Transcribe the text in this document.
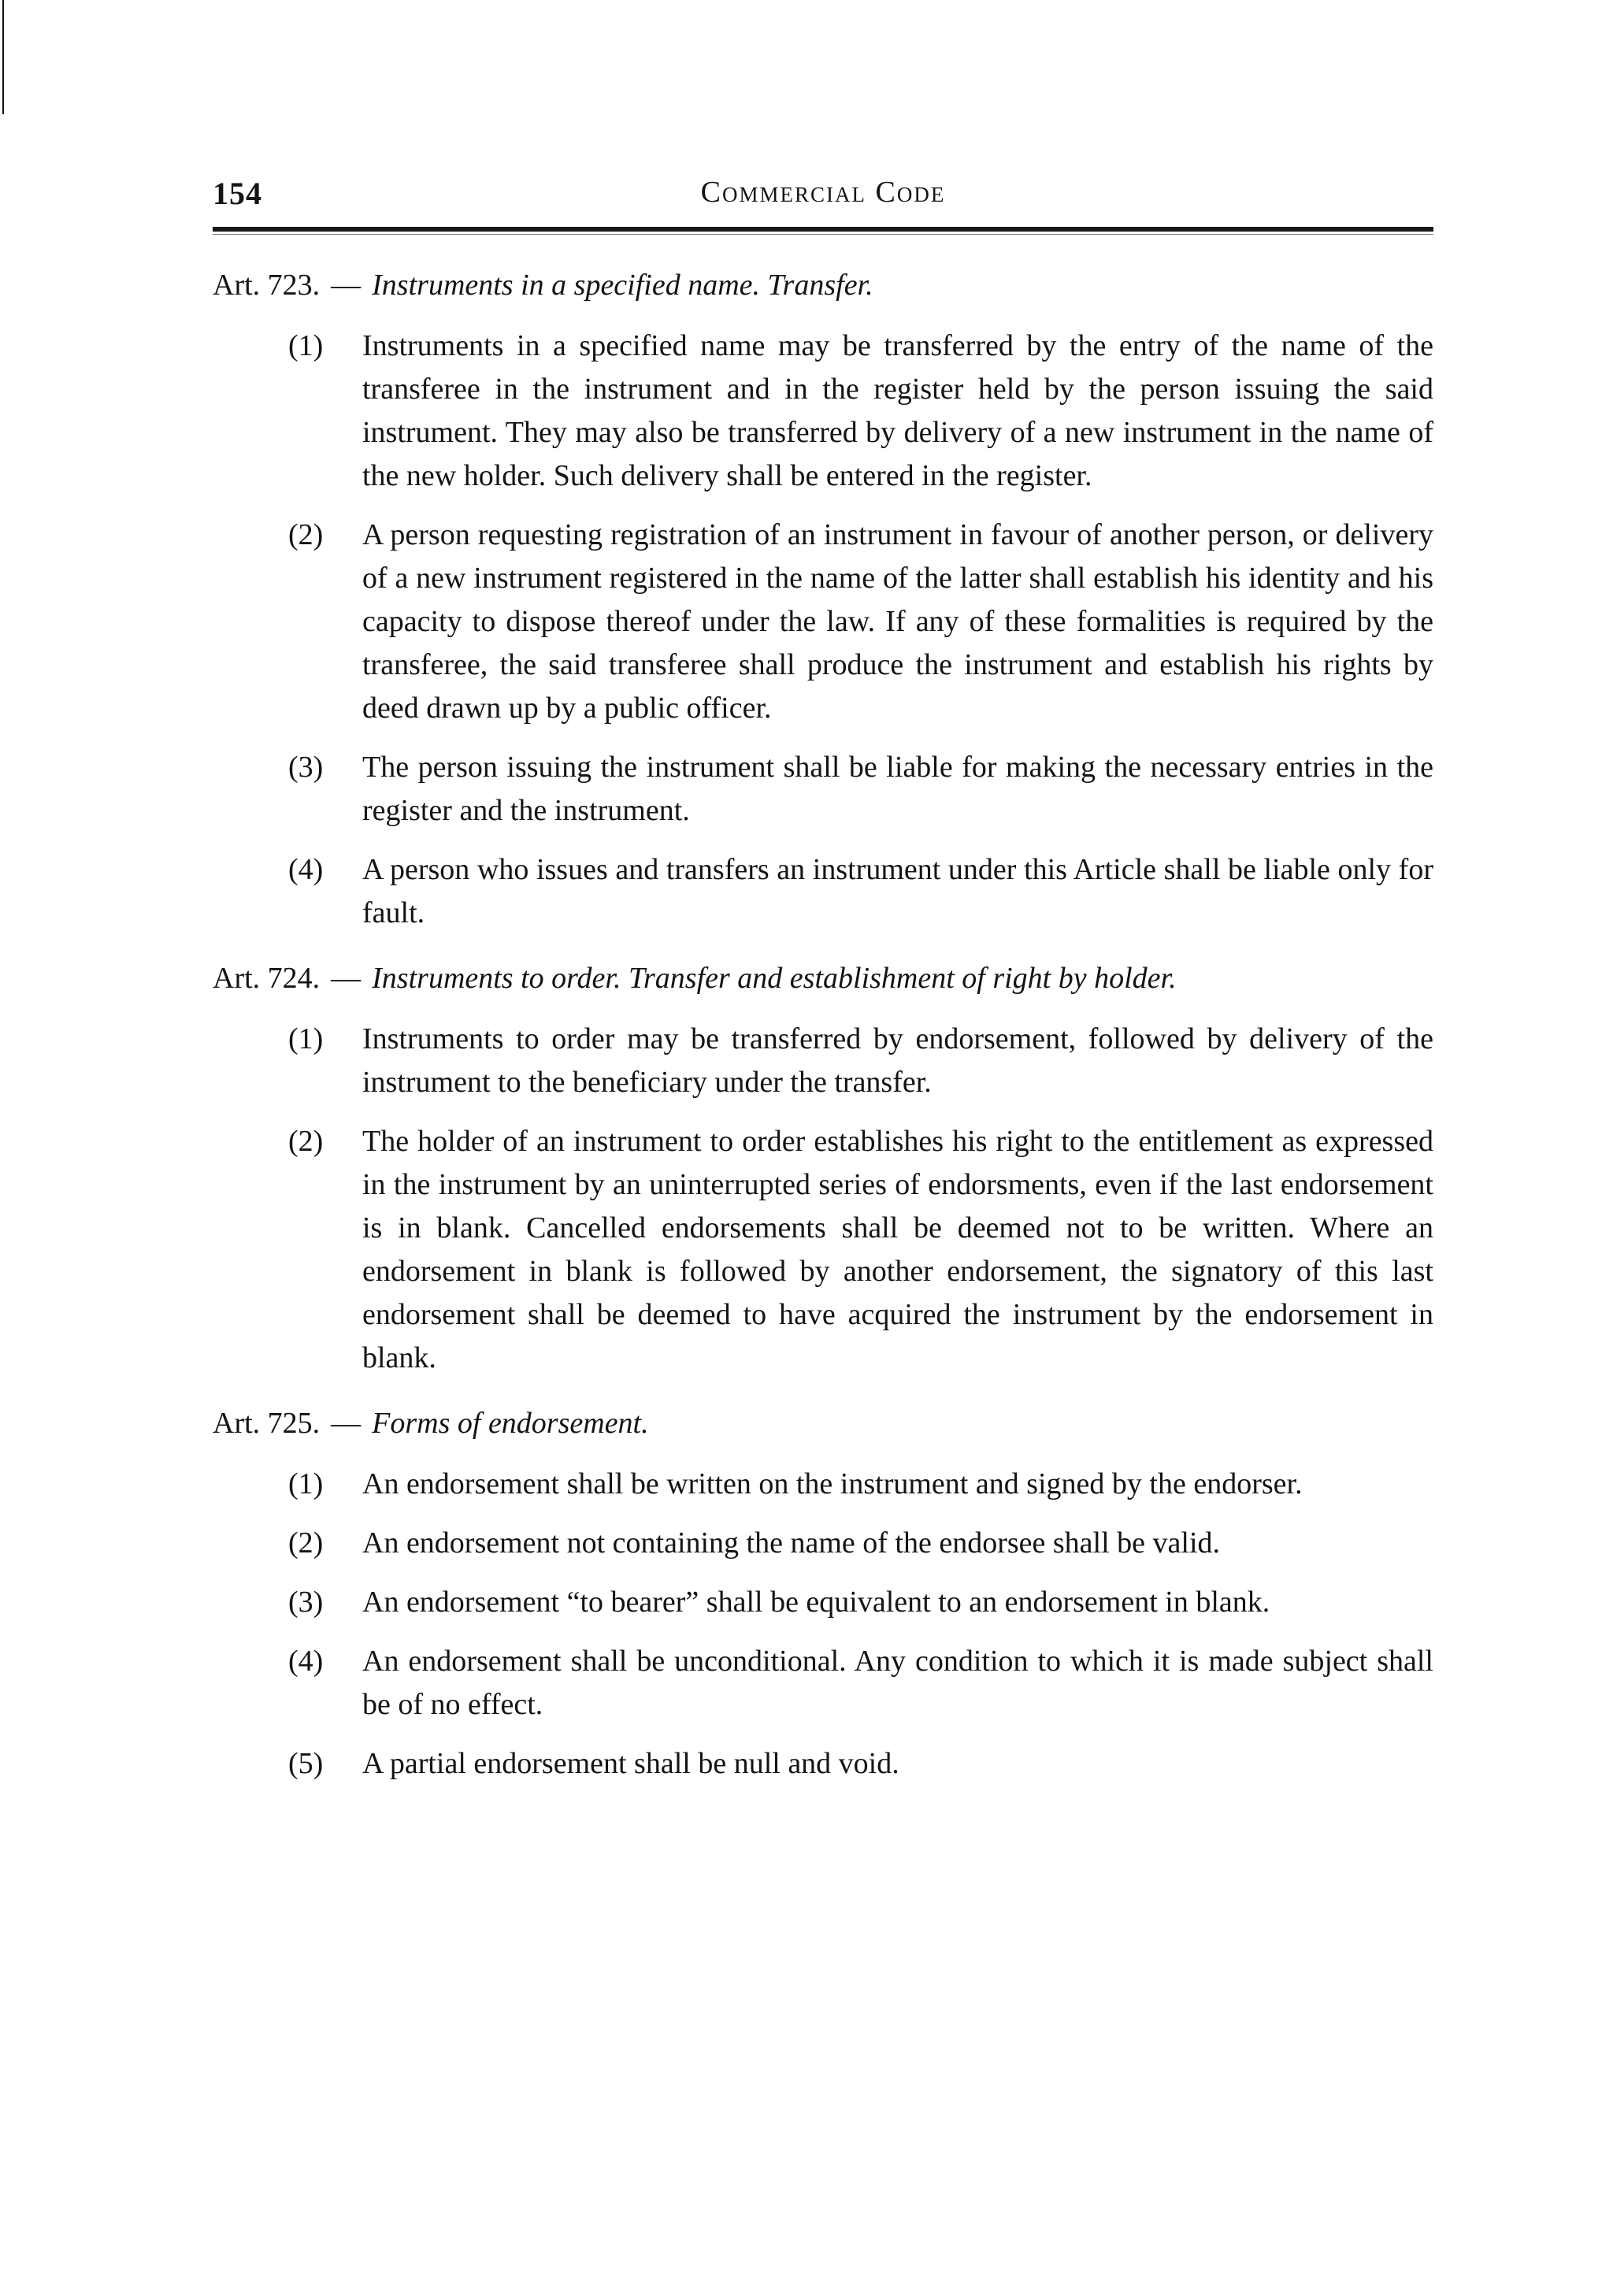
154	Commercial Code
Art. 723. — Instruments in a specified name. Transfer.
(1)	Instruments in a specified name may be transferred by the entry of the name of the transferee in the instrument and in the register held by the person issuing the said instrument. They may also be transferred by delivery of a new instrument in the name of the new holder. Such delivery shall be entered in the register.
(2)	A person requesting registration of an instrument in favour of another person, or delivery of a new instrument registered in the name of the latter shall establish his identity and his capacity to dispose thereof under the law. If any of these formalities is required by the transferee, the said transferee shall produce the instrument and establish his rights by deed drawn up by a public officer.
(3)	The person issuing the instrument shall be liable for making the necessary entries in the register and the instrument.
(4)	A person who issues and transfers an instrument under this Article shall be liable only for fault.
Art. 724. — Instruments to order. Transfer and establishment of right by holder.
(1)	Instruments to order may be transferred by endorsement, followed by delivery of the instrument to the beneficiary under the transfer.
(2)	The holder of an instrument to order establishes his right to the entitlement as expressed in the instrument by an uninterrupted series of endorsments, even if the last endorsement is in blank. Cancelled endorsements shall be deemed not to be written. Where an endorsement in blank is followed by another endorsement, the signatory of this last endorsement shall be deemed to have acquired the instrument by the endorsement in blank.
Art. 725. — Forms of endorsement.
(1)	An endorsement shall be written on the instrument and signed by the endorser.
(2)	An endorsement not containing the name of the endorsee shall be valid.
(3)	An endorsement “to bearer” shall be equivalent to an endorsement in blank.
(4)	An endorsement shall be unconditional. Any condition to which it is made subject shall be of no effect.
(5)	A partial endorsement shall be null and void.
